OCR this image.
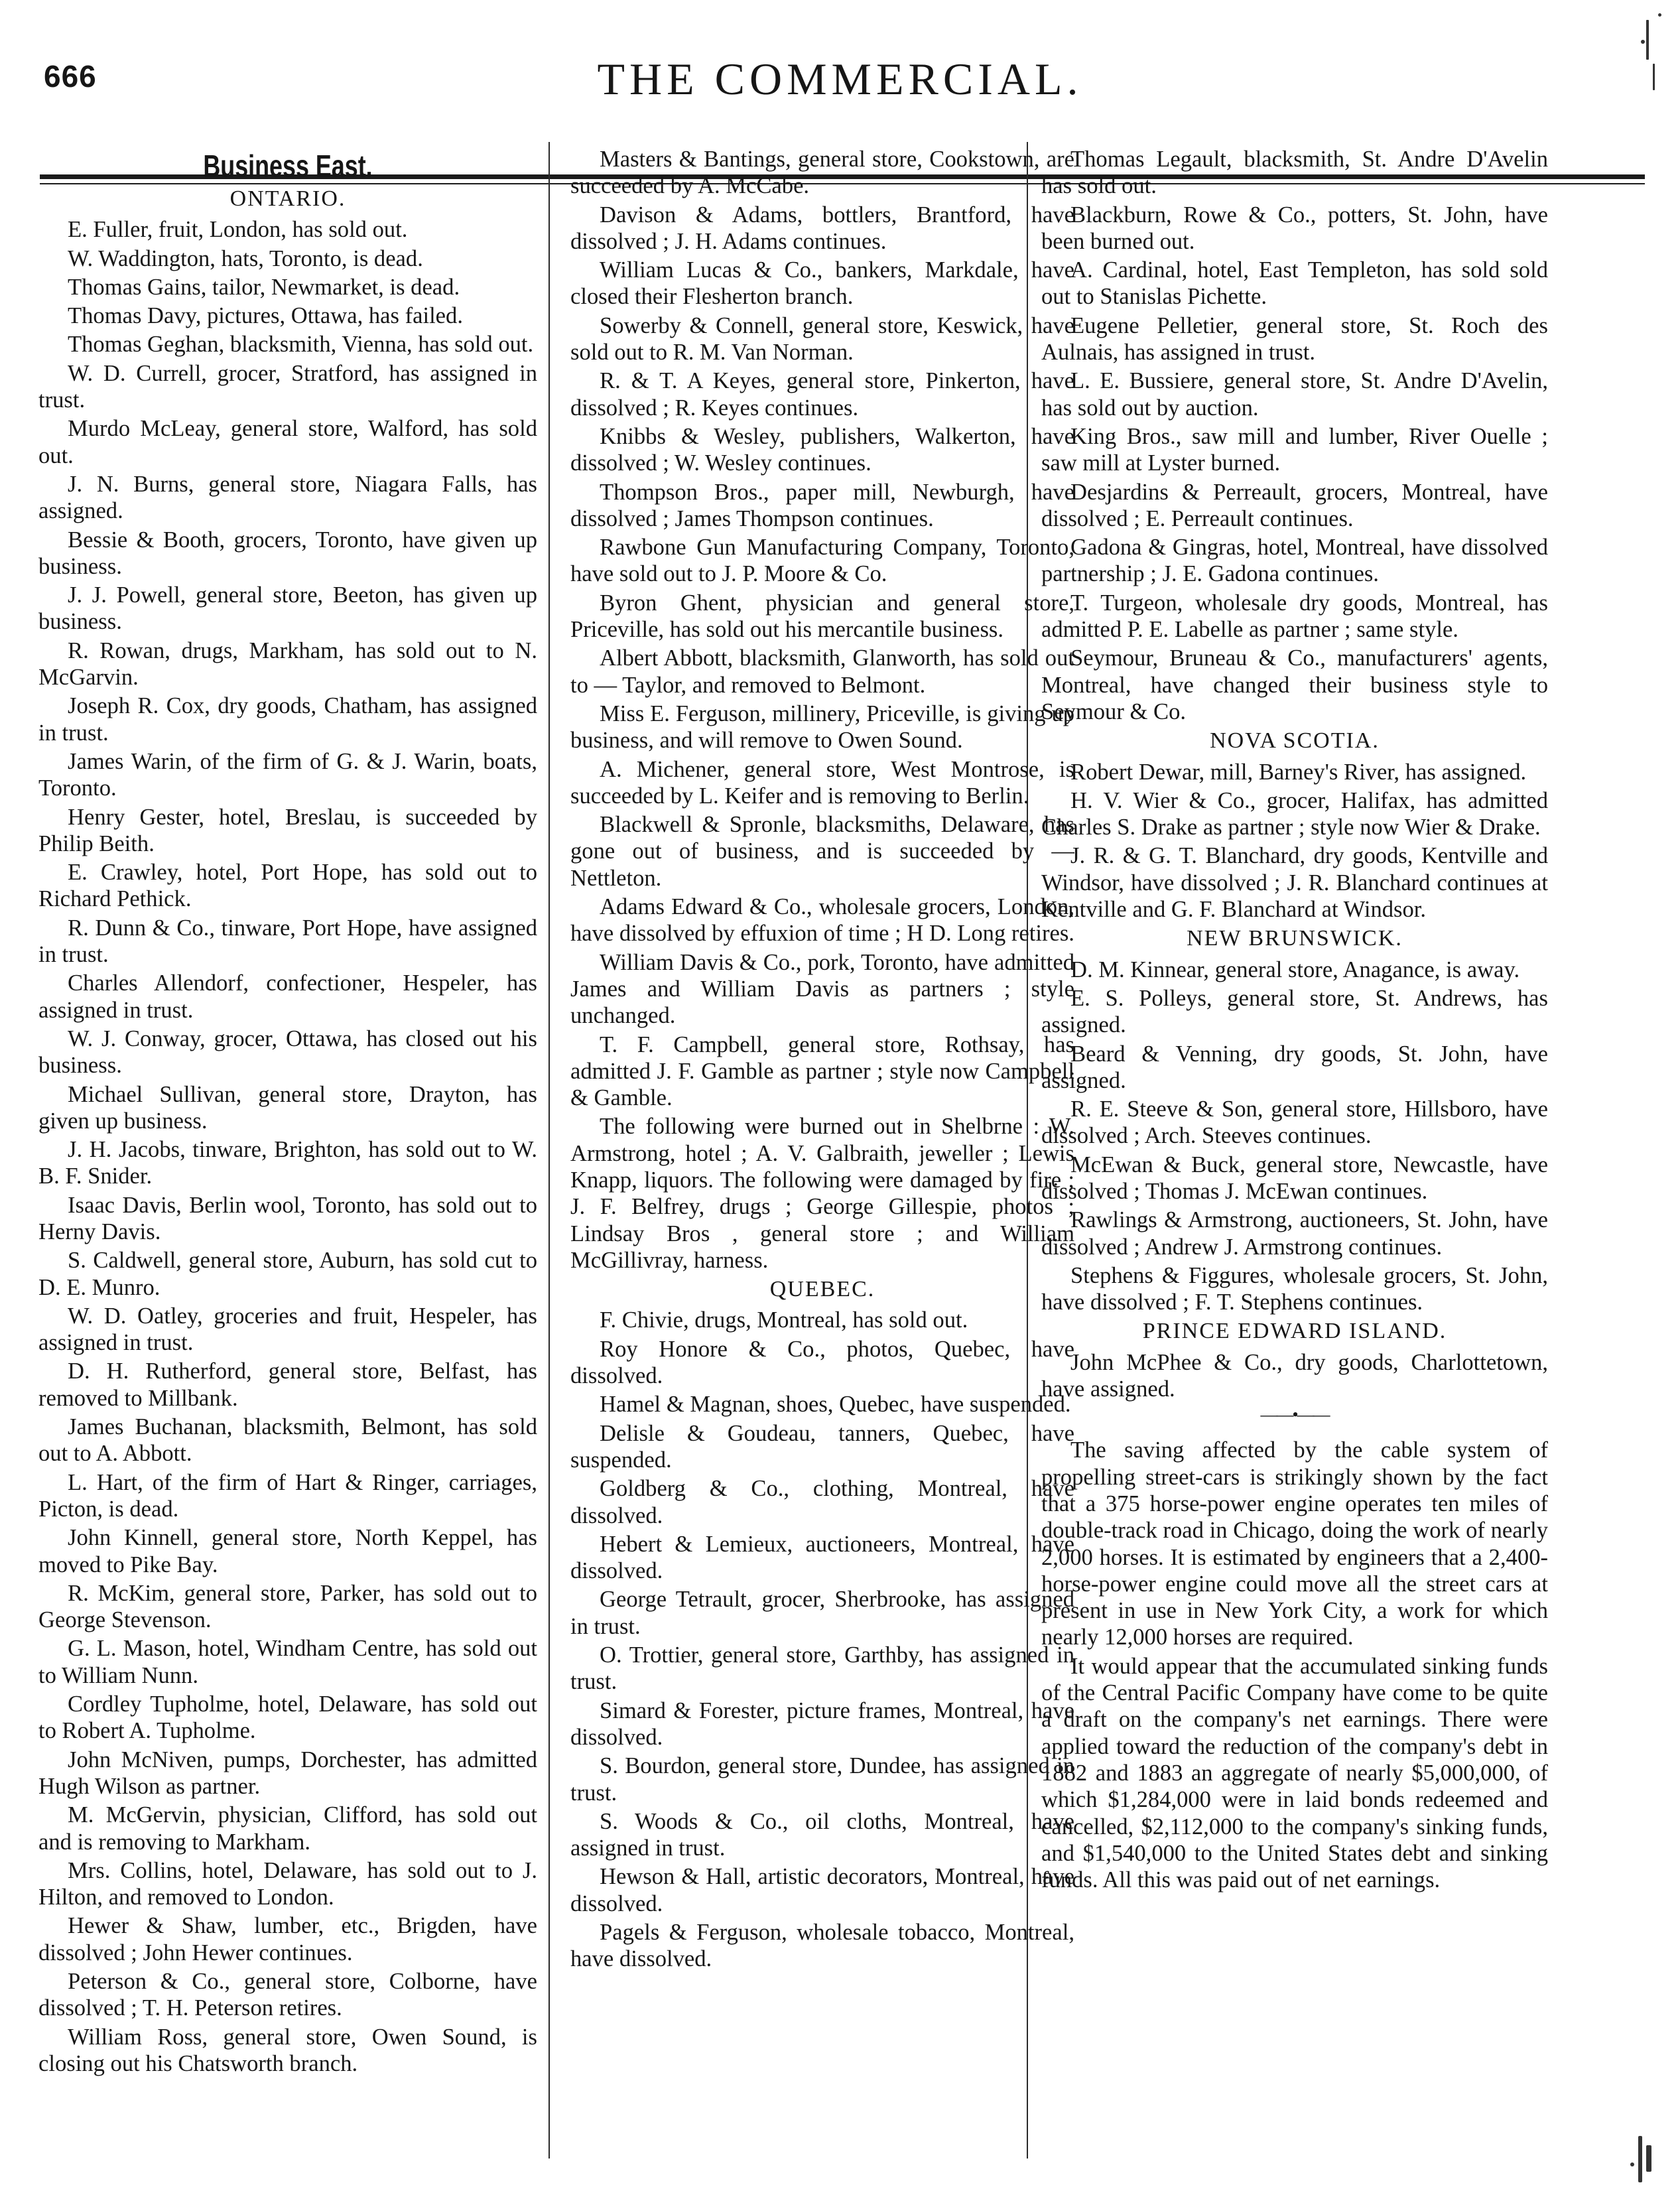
666	THE COMMERCIAL.
Business East.
ONTARIO.

E. Fuller, fruit, London, has sold out.

W. Waddington, hats, Toronto, is dead.

Thomas Gains, tailor, Newmarket, is dead.

Thomas Davy, pictures, Ottawa, has failed.

Thomas Geghan, blacksmith, Vienna, has sold out.

W. D. Currell, grocer, Stratford, has assigned in trust.

Murdo McLeay, general store, Walford, has sold out.

J. N. Burns, general store, Niagara Falls, has assigned.

Bessie & Booth, grocers, Toronto, have given up business.

J. J. Powell, general store, Beeton, has given up business.

R. Rowan, drugs, Markham, has sold out to N. McGarvin.

Joseph R. Cox, dry goods, Chatham, has assigned in trust.

James Warin, of the firm of G. & J. Warin, boats, Toronto.

Henry Gester, hotel, Breslau, is succeeded by Philip Beith.

E. Crawley, hotel, Port Hope, has sold out to Richard Pethick.

R. Dunn & Co., tinware, Port Hope, have assigned in trust.

Charles Allendorf, confectioner, Hespeler, has assigned in trust.

W. J. Conway, grocer, Ottawa, has closed out his business.

Michael Sullivan, general store, Drayton, has given up business.

J. H. Jacobs, tinware, Brighton, has sold out to W. B. F. Snider.

Isaac Davis, Berlin wool, Toronto, has sold out to Herny Davis.

S. Caldwell, general store, Auburn, has sold cut to D. E. Munro.

W. D. Oatley, groceries and fruit, Hespeler, has assigned in trust.

D. H. Rutherford, general store, Belfast, has removed to Millbank.

James Buchanan, blacksmith, Belmont, has sold out to A. Abbott.

L. Hart, of the firm of Hart & Ringer, carriages, Picton, is dead.

John Kinnell, general store, North Keppel, has moved to Pike Bay.

R. McKim, general store, Parker, has sold out to George Stevenson.

G. L. Mason, hotel, Windham Centre, has sold out to William Nunn.

Cordley Tupholme, hotel, Delaware, has sold out to Robert A. Tupholme.

John McNiven, pumps, Dorchester, has admitted Hugh Wilson as partner.

M. McGervin, physician, Clifford, has sold out and is removing to Markham.

Mrs. Collins, hotel, Delaware, has sold out to J. Hilton, and removed to London.

Hewer & Shaw, lumber, etc., Brigden, have dissolved ; John Hewer continues.

Peterson & Co., general store, Colborne, have dissolved ; T. H. Peterson retires.

William Ross, general store, Owen Sound, is closing out his Chatsworth branch.

Masters & Bantings, general store, Cookstown, are succeeded by A. McCabe.

Davison & Adams, bottlers, Brantford, have dissolved ; J. H. Adams continues.

William Lucas & Co., bankers, Markdale, have closed their Flesherton branch.

Sowerby & Connell, general store, Keswick, have sold out to R. M. Van Norman.

R. & T. A Keyes, general store, Pinkerton, have dissolved ; R. Keyes continues.

Knibbs & Wesley, publishers, Walkerton, have dissolved ; W. Wesley continues.

Thompson Bros., paper mill, Newburgh, have dissolved ; James Thompson continues.

Rawbone Gun Manufacturing Company, Toronto, have sold out to J. P. Moore & Co.

Byron Ghent, physician and general store, Priceville, has sold out his mercantile business.

Albert Abbott, blacksmith, Glanworth, has sold out to — Taylor, and removed to Belmont.

Miss E. Ferguson, millinery, Priceville, is giving up business, and will remove to Owen Sound.

A. Michener, general store, West Montrose, is succeeded by L. Keifer and is removing to Berlin.

Blackwell & Spronle, blacksmiths, Delaware, has gone out of business, and is succeeded by — Nettleton.

Adams Edward & Co., wholesale grocers, London, have dissolved by effuxion of time ; H D. Long retires.

William Davis & Co., pork, Toronto, have admitted James and William Davis as partners ; style unchanged.

T. F. Campbell, general store, Rothsay, has admitted J. F. Gamble as partner ; style now Campbell & Gamble.

The following were burned out in Shelbrne : W. Armstrong, hotel ; A. V. Galbraith, jeweller ; Lewis Knapp, liquors. The following were damaged by fire ; J. F. Belfrey, drugs ; George Gillespie, photos ; Lindsay Bros , general store ; and William McGillivray, harness.

QUEBEC.

F. Chivie, drugs, Montreal, has sold out.

Roy Honore & Co., photos, Quebec, have dissolved.

Hamel & Magnan, shoes, Quebec, have suspended.

Delisle & Goudeau, tanners, Quebec, have suspended.

Goldberg & Co., clothing, Montreal, have dissolved.

Hebert & Lemieux, auctioneers, Montreal, have dissolved.

George Tetrault, grocer, Sherbrooke, has assigned in trust.

O. Trottier, general store, Garthby, has assigned in trust.

Simard & Forester, picture frames, Montreal, have dissolved.

S. Bourdon, general store, Dundee, has assigned in trust.

S. Woods & Co., oil cloths, Montreal, have assigned in trust.

Hewson & Hall, artistic decorators, Montreal, have dissolved.

Pagels & Ferguson, wholesale tobacco, Montreal, have dissolved.

Thomas Legault, blacksmith, St. Andre D'Avelin has sold out.

Blackburn, Rowe & Co., potters, St. John, have been burned out.

A. Cardinal, hotel, East Templeton, has sold sold out to Stanislas Pichette.

Eugene Pelletier, general store, St. Roch des Aulnais, has assigned in trust.

L. E. Bussiere, general store, St. Andre D'Avelin, has sold out by auction.

King Bros., saw mill and lumber, River Ouelle ; saw mill at Lyster burned.

Desjardins & Perreault, grocers, Montreal, have dissolved ; E. Perreault continues.

Gadona & Gingras, hotel, Montreal, have dissolved partnership ; J. E. Gadona continues.

T. Turgeon, wholesale dry goods, Montreal, has admitted P. E. Labelle as partner ; same style.

Seymour, Bruneau & Co., manufacturers' agents, Montreal, have changed their business style to Seymour & Co.

NOVA SCOTIA.

Robert Dewar, mill, Barney's River, has assigned.

H. V. Wier & Co., grocer, Halifax, has admitted Charles S. Drake as partner ; style now Wier & Drake.

J. R. & G. T. Blanchard, dry goods, Kentville and Windsor, have dissolved ; J. R. Blanchard continues at Kentville and G. F. Blanchard at Windsor.

NEW BRUNSWICK.

D. M. Kinnear, general store, Anagance, is away.

E. S. Polleys, general store, St. Andrews, has assigned.

Beard & Venning, dry goods, St. John, have assigned.

R. E. Steeve & Son, general store, Hillsboro, have dissolved ; Arch. Steeves continues.

McEwan & Buck, general store, Newcastle, have dissolved ; Thomas J. McEwan continues.

Rawlings & Armstrong, auctioneers, St. John, have dissolved ; Andrew J. Armstrong continues.

Stephens & Figgures, wholesale grocers, St. John, have dissolved ; F. T. Stephens continues.

PRINCE EDWARD ISLAND.

John McPhee & Co., dry goods, Charlottetown, have assigned.

——•——

The saving affected by the cable system of propelling street-cars is strikingly shown by the fact that a 375 horse-power engine operates ten miles of double-track road in Chicago, doing the work of nearly 2,000 horses. It is estimated by engineers that a 2,400-horse-power engine could move all the street cars at present in use in New York City, a work for which nearly 12,000 horses are required.

It would appear that the accumulated sinking funds of the Central Pacific Company have come to be quite a draft on the company's net earnings. There were applied toward the reduction of the company's debt in 1882 and 1883 an aggregate of nearly $5,000,000, of which $1,284,000 were in laid bonds redeemed and cancelled, $2,112,000 to the company's sinking funds, and $1,540,000 to the United States debt and sinking funds. All this was paid out of net earnings.
